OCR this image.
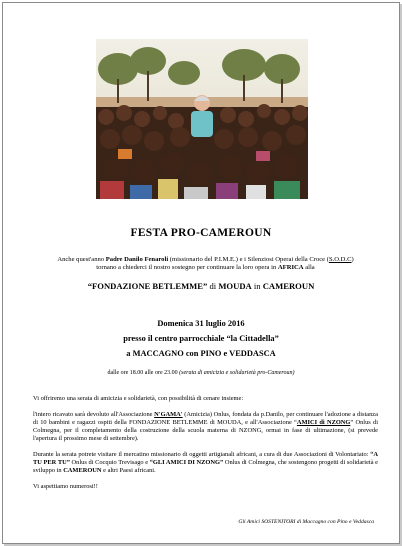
FESTA PRO-CAMEROUN
Anche quest'anno Padre Danilo Fenaroli (missionario del P.I.M.E.) e i Silenziosi Operai della Croce (S.O.D.C)
tornano a chiederci il nostro sostegno per continuare la loro opera in AFRICA alla
“FONDAZIONE BETLEMME” di MOUDA in CAMEROUN
Domenica 31 luglio 2016
presso il centro parrocchiale “la Cittadella”
a MACCAGNO con PINO e VEDDASCA
dalle ore 18.00 alle ore 23.00 (serata di amicizia e solidarietà pro-Cameroun)

Vi offriremo una serata di amicizia e solidarietà, con possibilità di cenare insieme:

l'intero ricavato sarà devoluto all'Associazione N'GAMA' (Amicizia) Onlus, fondata da p.Danilo, per continuare l'adozione a distanza di 10 bambini e ragazzi ospiti della FONDAZIONE BETLEMME di MOUDA, e all'Associazione “AMICI di NZONG” Onlus di Colmegna, per il completamento della costruzione della scuola materna di NZONG, ormai in fase di ultimazione, (si prevede l'apertura il prossimo mese di settembre).

Durante la serata potrete visitare il mercatino missionario di oggetti artigianali africani, a cura di due Associazioni di Volontariato: “A TU PER TU” Onlus di Cocquio Trevisago e “GLI AMICI DI NZONG” Onlus di Colmegna, che sostengono progetti di solidarietà e sviluppo in CAMEROUN e altri Paesi africani.

Vi aspettiamo numerosi!!

Gli Amici SOSTENITORI di Maccagno con Pino e Veddasca
